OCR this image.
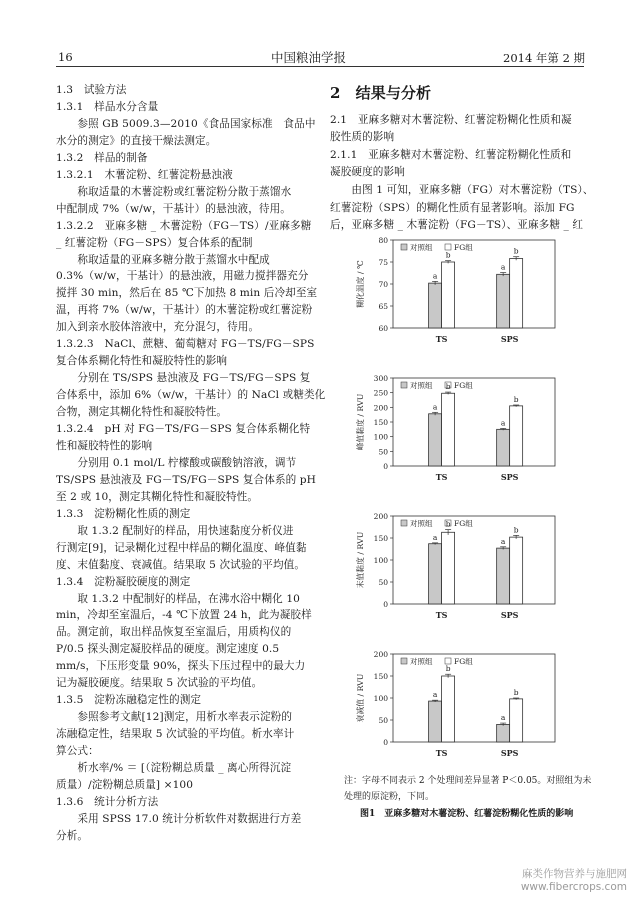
16	中国粮油学报	2014 年第 2 期
1.3　试验方法
1.3.1　样品水分含量
　　参照 GB 5009.3—2010《食品国家标准　食品中
水分的测定》的直接干燥法测定。
1.3.2　样品的制备
1.3.2.1　木薯淀粉、红薯淀粉悬浊液
　　称取适量的木薯淀粉或红薯淀粉分散于蒸馏水
中配制成 7%（w/w，干基计）的悬浊液，待用。
1.3.2.2　亚麻多糖 _ 木薯淀粉（FG－TS）/亚麻多糖
_ 红薯淀粉（FG－SPS）复合体系的配制
　　称取适量的亚麻多糖分散于蒸馏水中配成
0.3%（w/w，干基计）的悬浊液，用磁力搅拌器充分
搅拌 30 min，然后在 85 ℃下加热 8 min 后冷却至室
温，再将 7%（w/w，干基计）的木薯淀粉或红薯淀粉
加入到亲水胶体溶液中，充分混匀，待用。
1.3.2.3　NaCl、蔗糖、葡萄糖对 FG－TS/FG－SPS
复合体系糊化特性和凝胶特性的影响
　　分别在 TS/SPS 悬浊液及 FG－TS/FG－SPS 复
合体系中，添加 6%（w/w，干基计）的 NaCl 或糖类化
合物，测定其糊化特性和凝胶特性。
1.3.2.4　pH 对 FG－TS/FG－SPS 复合体系糊化特
性和凝胶特性的影响
　　分别用 0.1 mol/L 柠檬酸或碳酸钠溶液，调节
TS/SPS 悬浊液及 FG－TS/FG－SPS 复合体系的 pH
至 2 或 10，测定其糊化特性和凝胶特性。
1.3.3　淀粉糊化性质的测定
　　取 1.3.2 配制好的样品，用快速黏度分析仪进
行测定[9]，记录糊化过程中样品的糊化温度、峰值黏
度、末值黏度、衰减值。结果取 5 次试验的平均值。
1.3.4　淀粉凝胶硬度的测定
　　取 1.3.2 中配制好的样品，在沸水浴中糊化 10
min，冷却至室温后，-4 ℃下放置 24 h，此为凝胶样
品。测定前，取出样品恢复至室温后，用质构仪的
P/0.5 探头测定凝胶样品的硬度。测定速度 0.5
mm/s，下压形变量 90%，探头下压过程中的最大力
记为凝胶硬度。结果取 5 次试验的平均值。
1.3.5　淀粉冻融稳定性的测定
　　参照参考文献[12]测定，用析水率表示淀粉的
冻融稳定性，结果取 5 次试验的平均值。析水率计
算公式：
　　析水率/% ＝ [（淀粉糊总质量 _ 离心所得沉淀
质量）/淀粉糊总质量] ×100
1.3.6　统计分析方法
　　采用 SPSS 17.0 统计分析软件对数据进行方差
分析。
2　结果与分析
2.1　亚麻多糖对木薯淀粉、红薯淀粉糊化性质和凝
胶性质的影响
2.1.1　亚麻多糖对木薯淀粉、红薯淀粉糊化性质和
凝胶硬度的影响
　　由图 1 可知，亚麻多糖（FG）对木薯淀粉（TS）、
红薯淀粉（SPS）的糊化性质有显著影响。添加 FG
后，亚麻多糖 _ 木薯淀粉（FG－TS）、亚麻多糖 _ 红
60
65
70
75
80
糊化温度 / ℃
对照组	FG组
a
b
TS
a
b
SPS
0
50
100
150
200
250
300
峰值黏度 / RVU
对照组	FG组
a
b
TS
a
b
SPS
0
50
100
150
200
末值黏度 / RVU
对照组	FG组
a
b
TS
a
b
SPS
0
50
100
150
200
衰减值 / RVU
对照组	FG组
a
b
TS
a
b
SPS
注：字母不同表示 2 个处理间差异显著 P＜0.05。对照组为未
处理的原淀粉，下同。
图1　亚麻多糖对木薯淀粉、红薯淀粉糊化性质的影响
麻类作物营养与施肥网
www.fibercrops.com
